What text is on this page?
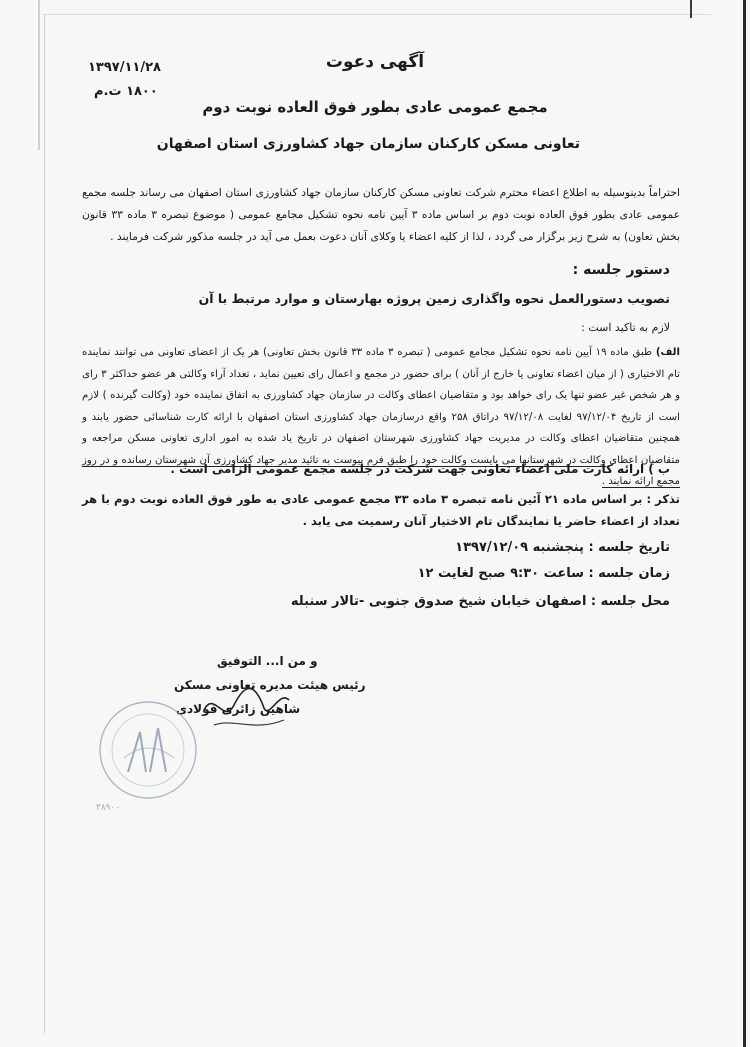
۱۳۹۷/۱۱/۲۸
۱۸۰۰ ت.م
آگهی دعوت
مجمع عمومی عادی بطور فوق العاده نوبت دوم
تعاونی مسکن کارکنان سازمان جهاد کشاورزی استان اصفهان
احتراماً بدینوسیله به اطلاع اعضاء محترم شرکت تعاونی مسکن کارکنان سازمان جهاد کشاورزی استان اصفهان می رساند جلسه مجمع عمومی عادی بطور فوق العاده نوبت دوم بر اساس ماده ۳ آیین نامه نحوه تشکیل مجامع عمومی ( موضوع تبصره ۳ ماده ۳۳ قانون بخش تعاون) به شرح زیر برگزار می گردد ، لذا از کلیه اعضاء یا وکلای آنان دعوت بعمل می آید در جلسه مذکور شرکت فرمایند .
دستور جلسه :
تصویب دستورالعمل نحوه واگذاری زمین پروژه بهارستان و موارد مرتبط با آن
لازم به تاکید است :
الف) طبق ماده ۱۹ آیین نامه نحوه تشکیل مجامع عمومی ( تبصره ۳ ماده ۳۳ قانون بخش تعاونی) هر یک از اعضای تعاونی می توانند نماینده تام الاختیاری ( از میان اعضاء تعاونی یا خارج از آنان ) برای حضور در مجمع و اعمال رای تعیین نماید ، تعداد آراء وکالتی هر عضو حداکثر ۳ رای و هر شخص غیر عضو تنها یک رای خواهد بود و متقاضیان اعطای وکالت در سازمان جهاد کشاورزی به اتفاق نماینده خود (وکالت گیرنده ) لازم است از تاریخ ۹۷/۱۲/۰۴ لغایت ۹۷/۱۲/۰۸ دراتاق ۲۵۸ واقع درسازمان جهاد کشاورزی استان اصفهان با ارائه کارت شناسائی حضور یابند و همچنین متقاضیان اعطای وکالت در مدیریت جهاد کشاورزی شهرستان اصفهان در تاریخ یاد شده به امور اداری تعاونی مسکن مراجعه و متقاضیان اعطای وکالت در شهرستانها می بایست وکالت خود را طبق فرم پیوست به تائید مدیر جهاد کشاورزی آن شهرستان رسانده و در روز مجمع ارائه نمایند .
ب ) ارائه کارت ملی اعضاء تعاونی جهت شرکت در جلسه مجمع عمومی الزامی است .
تذکر : بر اساس ماده ۲۱ آئین نامه تبصره ۳ ماده ۳۳ مجمع عمومی عادی به طور فوق العاده نوبت دوم با هر تعداد از اعضاء حاضر یا نمایندگان تام الاختیار آنان رسمیت می یابد .
تاریخ جلسه : پنجشنبه ۱۳۹۷/۱۲/۰۹
زمان جلسه : ساعت ۹:۳۰ صبح لغایت ۱۲
محل جلسه : اصفهان خیابان شیخ صدوق جنوبی -تالار سنبله
و من ا... التوفیق
رئیس هیئت مدیره تعاونی مسکن
شاهین زائری فولادی
۳۸۹۰۰
